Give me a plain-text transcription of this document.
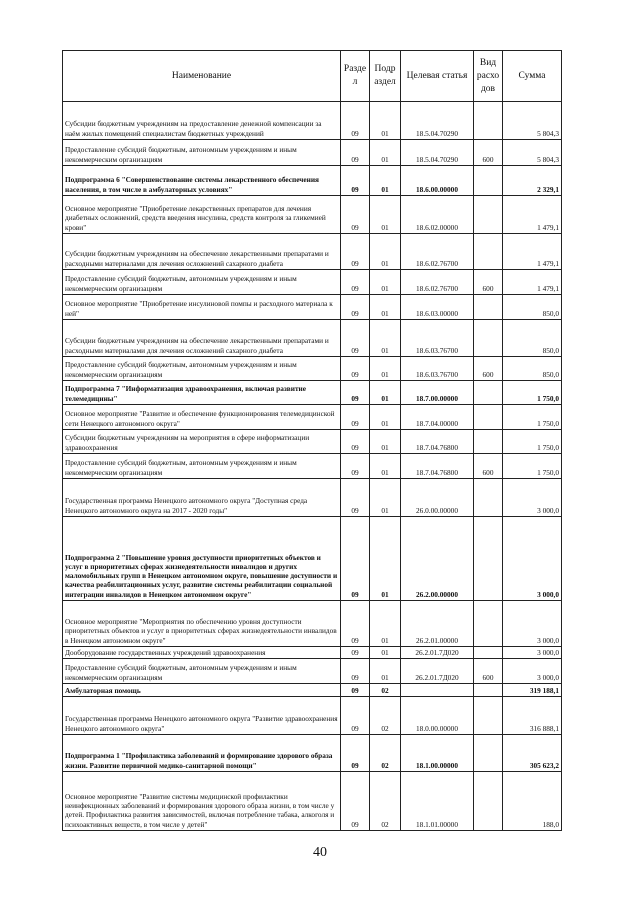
Наименование	Разде л	Подр аздел	Целевая статья	Вид расхо дов	Сумма
Субсидии бюджетным учреждениям на предоставление денежной компенсации за наём жилых помещений специалистам бюджетных учреждений	09	01	18.5.04.70290		5 804,3
Предоставление субсидий бюджетным, автономным учреждениям и иным некоммерческим организациям	09	01	18.5.04.70290	600	5 804,3
Подпрограмма 6 "Совершенствование системы лекарственного обеспечения населения, в том числе в амбулаторных условиях"	09	01	18.6.00.00000		2 329,1
Основное мероприятие "Приобретение лекарственных препаратов для лечения диабетных осложнений, средств введения инсулина, средств контроля за гликемией крови"	09	01	18.6.02.00000		1 479,1
Субсидии бюджетным учреждениям на обеспечение лекарственными препаратами и расходными материалами для лечения осложнений сахарного диабета	09	01	18.6.02.76700		1 479,1
Предоставление субсидий бюджетным, автономным учреждениям и иным некоммерческим организациям	09	01	18.6.02.76700	600	1 479,1
Основное мероприятие "Приобретение инсулиновой помпы и расходного материала к ней"	09	01	18.6.03.00000		850,0
Субсидии бюджетным учреждениям на обеспечение лекарственными препаратами и расходными материалами для лечения осложнений сахарного диабета	09	01	18.6.03.76700		850,0
Предоставление субсидий бюджетным, автономным учреждениям и иным некоммерческим организациям	09	01	18.6.03.76700	600	850,0
Подпрограмма 7 "Информатизация здравоохранения, включая развитие телемедицины"	09	01	18.7.00.00000		1 750,0
Основное мероприятие "Развитие и обеспечение функционирования телемедицинской сети Ненецкого автономного округа"	09	01	18.7.04.00000		1 750,0
Субсидии бюджетным учреждениям на мероприятия в сфере информатизации здравоохранения	09	01	18.7.04.76800		1 750,0
Предоставление субсидий бюджетным, автономным учреждениям и иным некоммерческим организациям	09	01	18.7.04.76800	600	1 750,0
Государственная программа Ненецкого автономного округа "Доступная среда Ненецкого автономного округа на 2017 - 2020 годы"	09	01	26.0.00.00000		3 000,0
Подпрограмма 2 "Повышение уровня доступности приоритетных объектов и услуг в приоритетных сферах жизнедеятельности инвалидов и других маломобильных групп в Ненецком автономном округе, повышение доступности и качества реабилитационных услуг, развитие системы реабилитации социальной интеграции инвалидов в Ненецком автономном округе"	09	01	26.2.00.00000		3 000,0
Основное мероприятие "Мероприятия по обеспечению уровня доступности приоритетных объектов и услуг в приоритетных сферах жизнедеятельности инвалидов в Ненецком автономном округе"	09	01	26.2.01.00000		3 000,0
Дооборудование государственных учреждений здравоохранения	09	01	26.2.01.7Д020		3 000,0
Предоставление субсидий бюджетным, автономным учреждениям и иным некоммерческим организациям	09	01	26.2.01.7Д020	600	3 000,0
Амбулаторная помощь	09	02			319 188,1
Государственная программа Ненецкого автономного округа "Развитие здравоохранения Ненецкого автономного округа"	09	02	18.0.00.00000		316 888,1
Подпрограмма 1 "Профилактика заболеваний и формирование здорового образа жизни. Развитие первичной медико-санитарной помощи"	09	02	18.1.00.00000		305 623,2
Основное мероприятие "Развитие системы медицинской профилактики неинфекционных заболеваний и формирования здорового образа жизни, в том числе у детей. Профилактика развития зависимостей, включая потребление табака, алкоголя и психоактивных веществ, в том числе у детей"	09	02	18.1.01.00000		188,0
40
